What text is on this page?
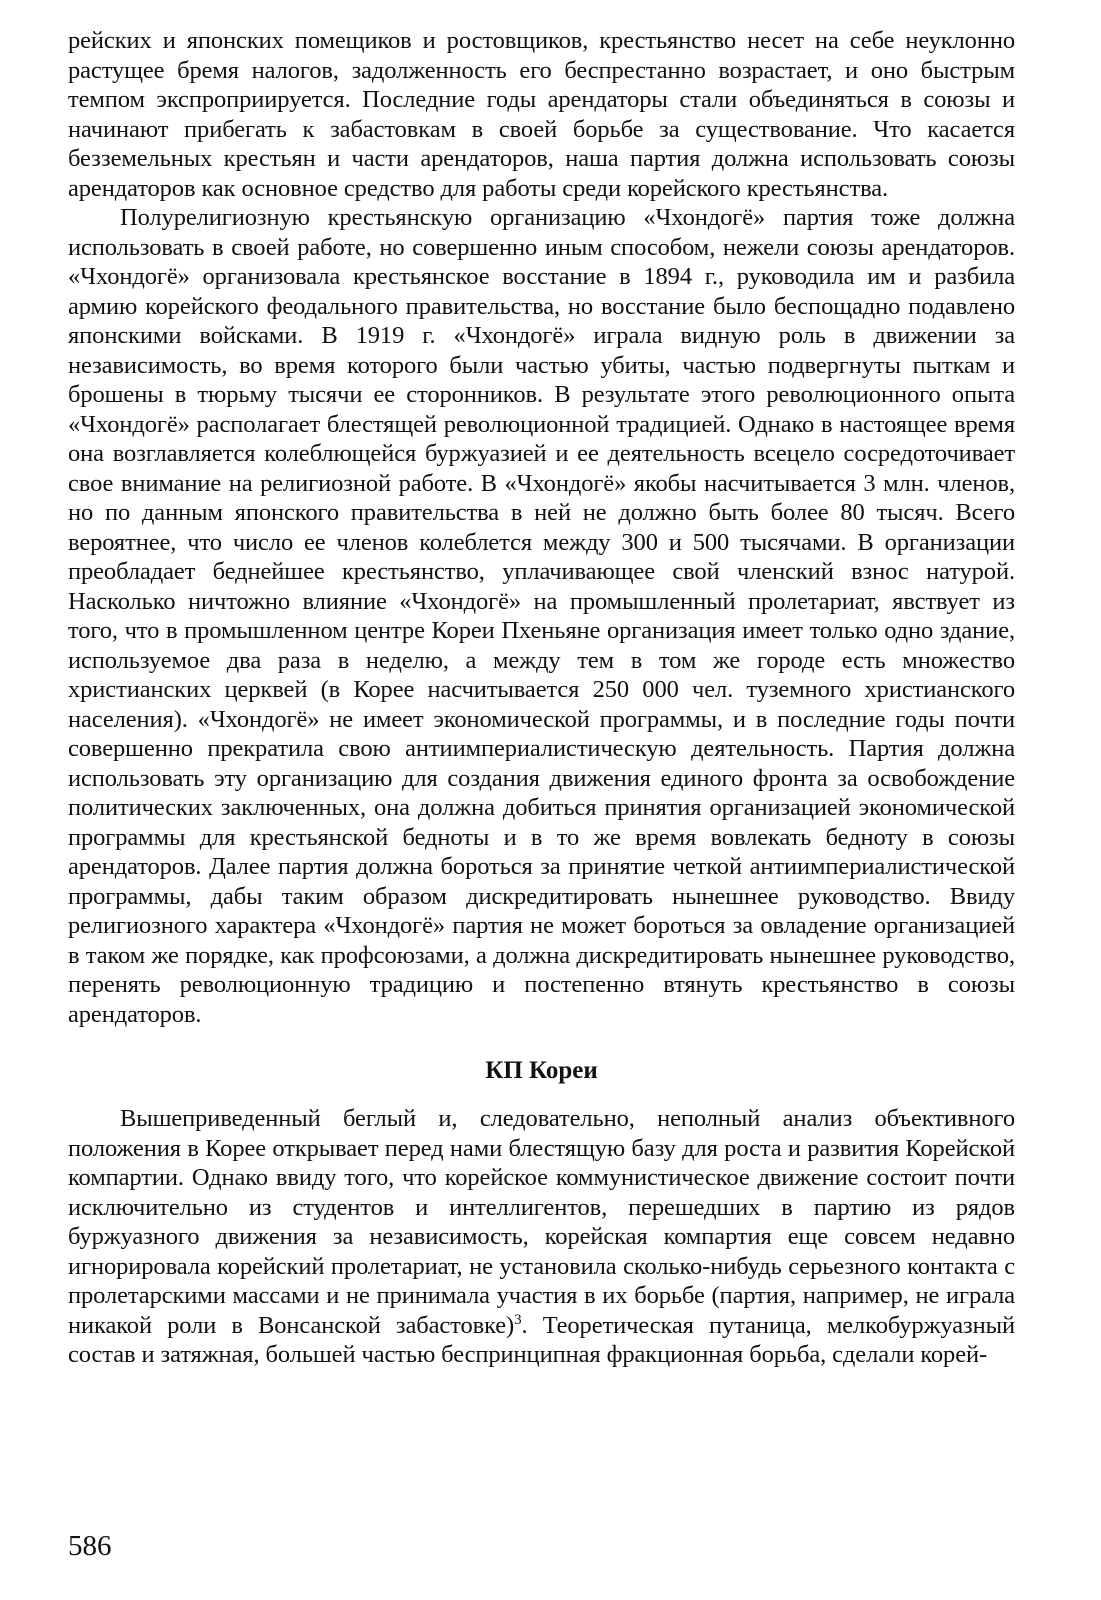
рейских и японских помещиков и ростовщиков, крестьянство несет на себе неуклонно растущее бремя налогов, задолженность его беспрестанно возрастает, и оно быстрым темпом экспроприируется. Последние годы арендаторы стали объединяться в союзы и начинают прибегать к забастовкам в своей борьбе за существование. Что касается безземельных крестьян и части арендаторов, наша партия должна использовать союзы арендаторов как основное средство для работы среди корейского крестьянства.

Полурелигиозную крестьянскую организацию «Чхондогё» партия тоже должна использовать в своей работе, но совершенно иным способом, нежели союзы арендаторов. «Чхондогё» организовала крестьянское восстание в 1894 г., руководила им и разбила армию корейского феодального правительства, но восстание было беспощадно подавлено японскими войсками. В 1919 г. «Чхондогё» играла видную роль в движении за независимость, во время которого были частью убиты, частью подвергнуты пыткам и брошены в тюрьму тысячи ее сторонников. В результате этого революционного опыта «Чхондогё» располагает блестящей революционной традицией. Однако в настоящее время она возглавляется колеблющейся буржуазией и ее деятельность всецело сосредоточивает свое внимание на религиозной работе. В «Чхондогё» якобы насчитывается 3 млн. членов, но по данным японского правительства в ней не должно быть более 80 тысяч. Всего вероятнее, что число ее членов колеблется между 300 и 500 тысячами. В организации преобладает беднейшее крестьянство, уплачивающее свой членский взнос натурой. Насколько ничтожно влияние «Чхондогё» на промышленный пролетариат, явствует из того, что в промышленном центре Кореи Пхеньяне организация имеет только одно здание, используемое два раза в неделю, а между тем в том же городе есть множество христианских церквей (в Корее насчитывается 250 000 чел. туземного христианского населения). «Чхондогё» не имеет экономической программы, и в последние годы почти совершенно прекратила свою антиимпериалистическую деятельность. Партия должна использовать эту организацию для создания движения единого фронта за освобождение политических заключенных, она должна добиться принятия организацией экономической программы для крестьянской бедноты и в то же время вовлекать бедноту в союзы арендаторов. Далее партия должна бороться за принятие четкой антиимпериалистической программы, дабы таким образом дискредитировать нынешнее руководство. Ввиду религиозного характера «Чхондогё» партия не может бороться за овладение организацией в таком же порядке, как профсоюзами, а должна дискредитировать нынешнее руководство, перенять революционную традицию и постепенно втянуть крестьянство в союзы арендаторов.

КП Кореи

Вышеприведенный беглый и, следовательно, неполный анализ объективного положения в Корее открывает перед нами блестящую базу для роста и развития Корейской компартии. Однако ввиду того, что корейское коммунистическое движение состоит почти исключительно из студентов и интеллигентов, перешедших в партию из рядов буржуазного движения за независимость, корейская компартия еще совсем недавно игнорировала корейский пролетариат, не установила сколько-нибудь серьезного контакта с пролетарскими массами и не принимала участия в их борьбе (партия, например, не играла никакой роли в Вонсанской забастовке)$^3$. Теоретическая путаница, мелкобуржуазный состав и затяжная, большей частью беспринципная фракционная борьба, сделали корей-

586
